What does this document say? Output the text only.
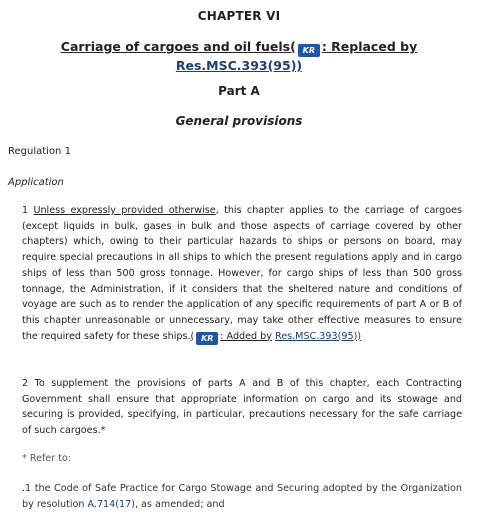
CHAPTER VI
Carriage of cargoes and oil fuels( KR : Replaced by
Res.MSC.393(95))
Part A
General provisions
Regulation 1
Application
1 Unless expressly provided otherwise, this chapter applies to the carriage of cargoes (except liquids in bulk, gases in bulk and those aspects of carriage covered by other chapters) which, owing to their particular hazards to ships or persons on board, may require special precautions in all ships to which the present regulations apply and in cargo ships of less than 500 gross tonnage. However, for cargo ships of less than 500 gross tonnage, the Administration, if it considers that the sheltered nature and conditions of voyage are such as to render the application of any specific requirements of part A or B of this chapter unreasonable or unnecessary, may take other effective measures to ensure the required safety for these ships.( KR : Added by Res.MSC.393(95))
2 To supplement the provisions of parts A and B of this chapter, each Contracting Government shall ensure that appropriate information on cargo and its stowage and securing is provided, specifying, in particular, precautions necessary for the safe carriage of such cargoes.*
* Refer to:
.1 the Code of Safe Practice for Cargo Stowage and Securing adopted by the Organization by resolution A.714(17), as amended; and
